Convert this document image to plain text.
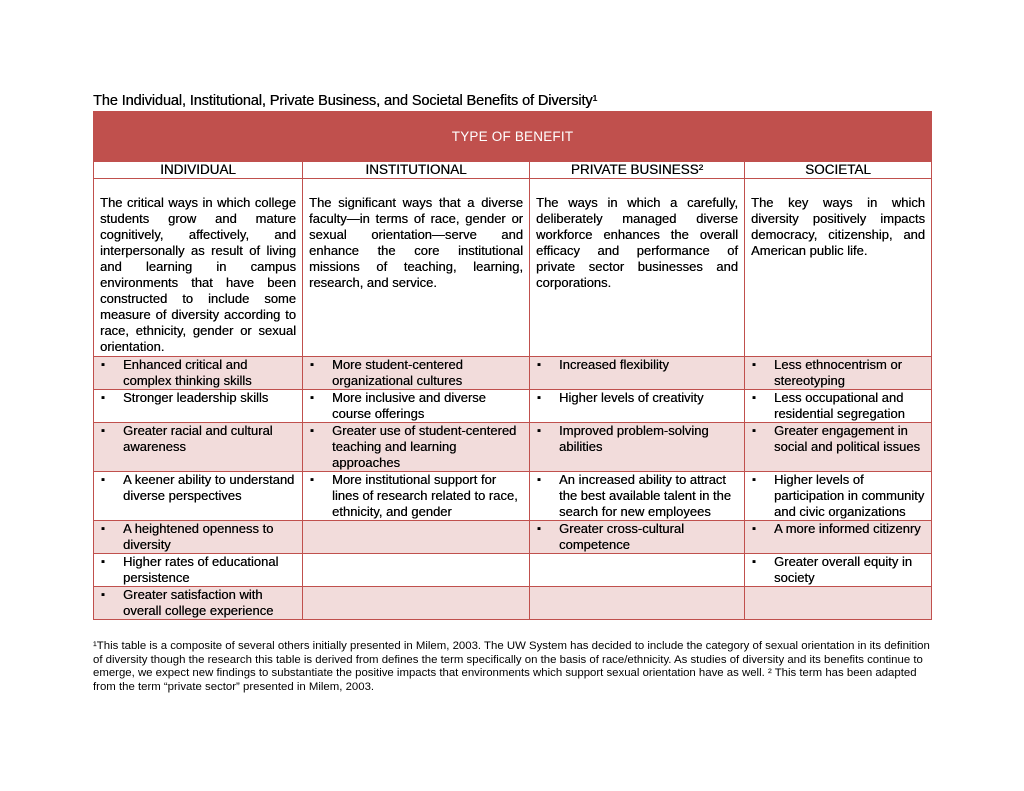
The Individual, Institutional, Private Business, and Societal Benefits of Diversity¹
TYPE OF BENEFIT			
INDIVIDUAL	INSTITUTIONAL	PRIVATE BUSINESS²	SOCIETAL

The critical ways in which college students grow and mature cognitively, affectively, and interpersonally as result of living and learning in campus environments that have been constructed to include some measure of diversity according to race, ethnicity, gender or sexual orientation.	The significant ways that a diverse faculty—in terms of race, gender or sexual orientation—serve and enhance the core institutional missions of teaching, learning, research, and service.	The ways in which a carefully, deliberately managed diverse workforce enhances the overall efficacy and performance of private sector businesses and corporations.	The key ways in which diversity positively impacts democracy, citizenship, and American public life.

▪ Enhanced critical and complex thinking skills	▪ More student-centered organizational cultures	▪ Increased flexibility	▪ Less ethnocentrism or stereotyping

▪ Stronger leadership skills	▪ More inclusive and diverse course offerings	▪ Higher levels of creativity	▪ Less occupational and residential segregation

▪ Greater racial and cultural awareness	▪ Greater use of student-centered teaching and learning approaches	▪ Improved problem-solving abilities	▪ Greater engagement in social and political issues

▪ A keener ability to understand diverse perspectives	▪ More institutional support for lines of research related to race, ethnicity, and gender	▪ An increased ability to attract the best available talent in the search for new employees	▪ Higher levels of participation in community and civic organizations

▪ A heightened openness to diversity		▪ Greater cross-cultural competence	▪ A more informed citizenry

▪ Higher rates of educational persistence			▪ Greater overall equity in society

▪ Greater satisfaction with overall college experience			

¹This table is a composite of several others initially presented in Milem, 2003. The UW System has decided to include the category of sexual orientation in its definition of diversity though the research this table is derived from defines the term specifically on the basis of race/ethnicity. As studies of diversity and its benefits continue to emerge, we expect new findings to substantiate the positive impacts that environments which support sexual orientation have as well. ² This term has been adapted from the term “private sector” presented in Milem, 2003.
